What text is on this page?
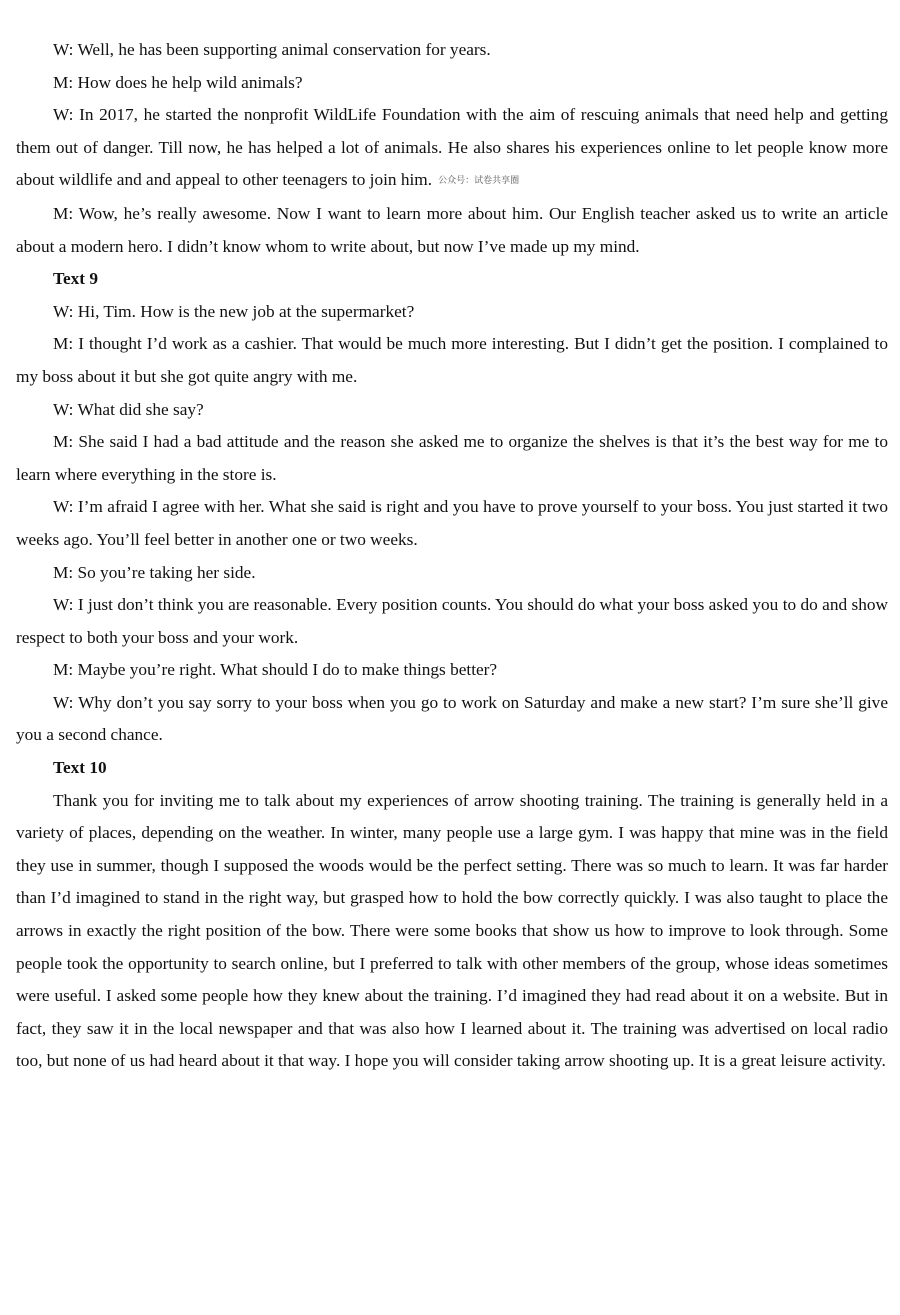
W: Well, he has been supporting animal conservation for years.

M: How does he help wild animals?

W: In 2017, he started the nonprofit WildLife Foundation with the aim of rescuing animals that need help and getting them out of danger. Till now, he has helped a lot of animals. He also shares his experiences online to let people know more about wildlife and and appeal to other teenagers to join him. 公众号：试卷共享圈

M: Wow, he’s really awesome. Now I want to learn more about him. Our English teacher asked us to write an article about a modern hero. I didn’t know whom to write about, but now I’ve made up my mind.

Text 9

W: Hi, Tim. How is the new job at the supermarket?

M: I thought I’d work as a cashier. That would be much more interesting. But I didn’t get the position. I complained to my boss about it but she got quite angry with me.

W: What did she say?

M: She said I had a bad attitude and the reason she asked me to organize the shelves is that it’s the best way for me to learn where everything in the store is.

W: I’m afraid I agree with her. What she said is right and you have to prove yourself to your boss. You just started it two weeks ago. You’ll feel better in another one or two weeks.

M: So you’re taking her side.

W: I just don’t think you are reasonable. Every position counts. You should do what your boss asked you to do and show respect to both your boss and your work.

M: Maybe you’re right. What should I do to make things better?

W: Why don’t you say sorry to your boss when you go to work on Saturday and make a new start? I’m sure she’ll give you a second chance.

Text 10

Thank you for inviting me to talk about my experiences of arrow shooting training. The training is generally held in a variety of places, depending on the weather. In winter, many people use a large gym. I was happy that mine was in the field they use in summer, though I supposed the woods would be the perfect setting. There was so much to learn. It was far harder than I’d imagined to stand in the right way, but grasped how to hold the bow correctly quickly. I was also taught to place the arrows in exactly the right position of the bow. There were some books that show us how to improve to look through. Some people took the opportunity to search online, but I preferred to talk with other members of the group, whose ideas sometimes were useful. I asked some people how they knew about the training. I’d imagined they had read about it on a website. But in fact, they saw it in the local newspaper and that was also how I learned about it. The training was advertised on local radio too, but none of us had heard about it that way. I hope you will consider taking arrow shooting up. It is a great leisure activity.
